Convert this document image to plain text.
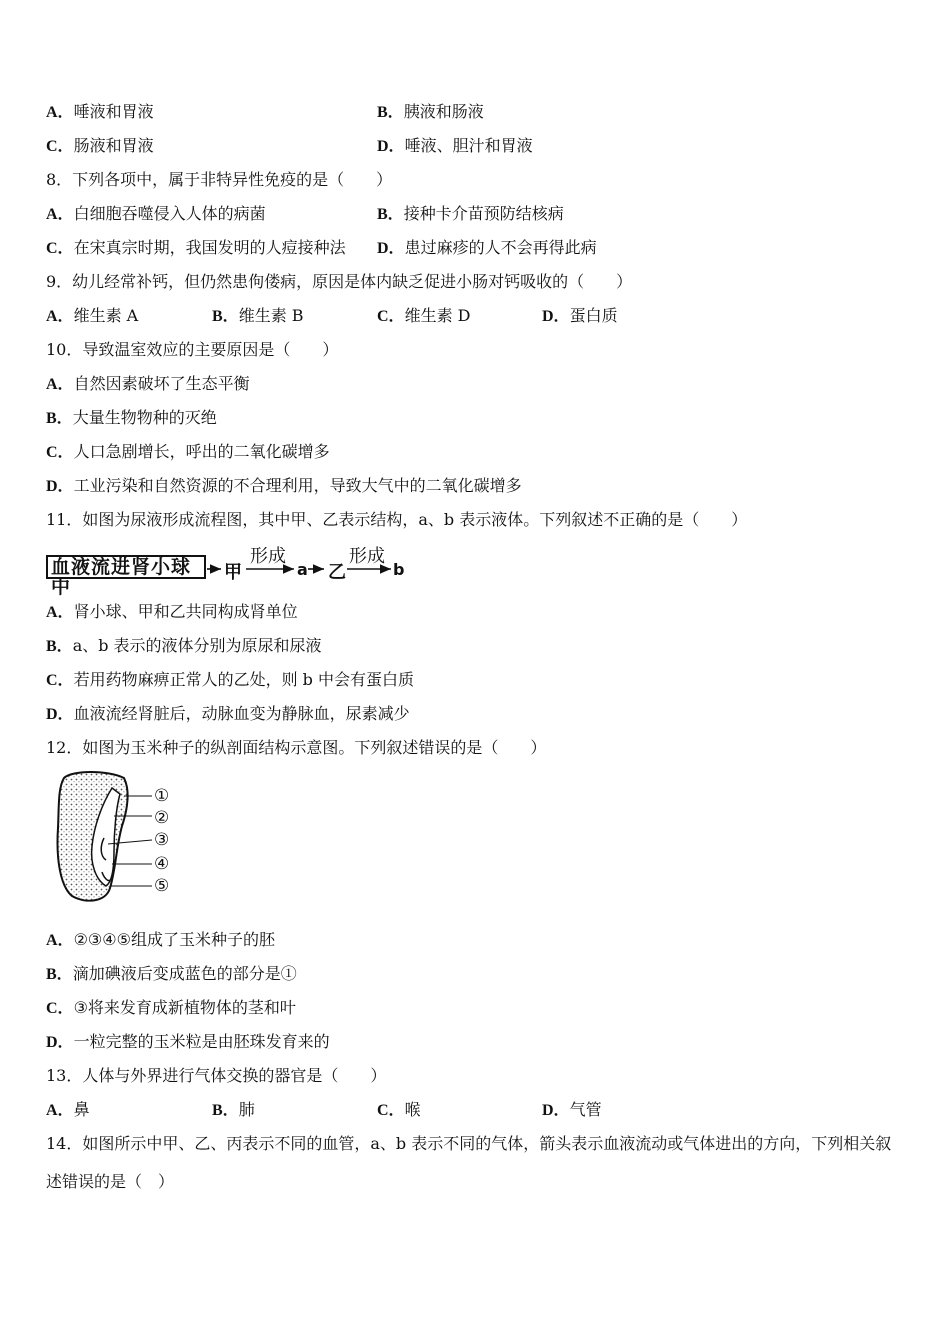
A．唾液和胃液	B．胰液和肠液
C．肠液和胃液	D．唾液、胆汁和胃液
8．下列各项中，属于非特异性免疫的是（　　）
A．白细胞吞噬侵入人体的病菌	B．接种卡介苗预防结核病
C．在宋真宗时期，我国发明的人痘接种法 D．患过麻疹的人不会再得此病
9．幼儿经常补钙，但仍然患佝偻病，原因是体内缺乏促进小肠对钙吸收的（　　）
A．维生素 A	B．维生素 B	C．维生素 D	D．蛋白质
10．导致温室效应的主要原因是（　　）
A．自然因素破坏了生态平衡
B．大量生物物种的灭绝
C．人口急剧增长，呼出的二氧化碳增多
D．工业污染和自然资源的不合理利用，导致大气中的二氧化碳增多
11．如图为尿液形成流程图，其中甲、乙表示结构，a、b 表示液体。下列叙述不正确的是（　　）
血液流进肾小球中
甲
形成
a 乙
形成
b
A．肾小球、甲和乙共同构成肾单位
B．a、b 表示的液体分别为原尿和尿液
C．若用药物麻痹正常人的乙处，则 b 中会有蛋白质
D．血液流经肾脏后，动脉血变为静脉血，尿素减少
12．如图为玉米种子的纵剖面结构示意图。下列叙述错误的是（　　）
①
②
③
④
⑤
A．②③④⑤组成了玉米种子的胚
B．滴加碘液后变成蓝色的部分是①
C．③将来发育成新植物体的茎和叶
D．一粒完整的玉米粒是由胚珠发育来的
13．人体与外界进行气体交换的器官是（　　）
A．鼻	B．肺	C．喉	D．气管
14．如图所示中甲、乙、丙表示不同的血管，a、b 表示不同的气体，箭头表示血液流动或气体进出的方向，下列相关叙
述错误的是（　）
